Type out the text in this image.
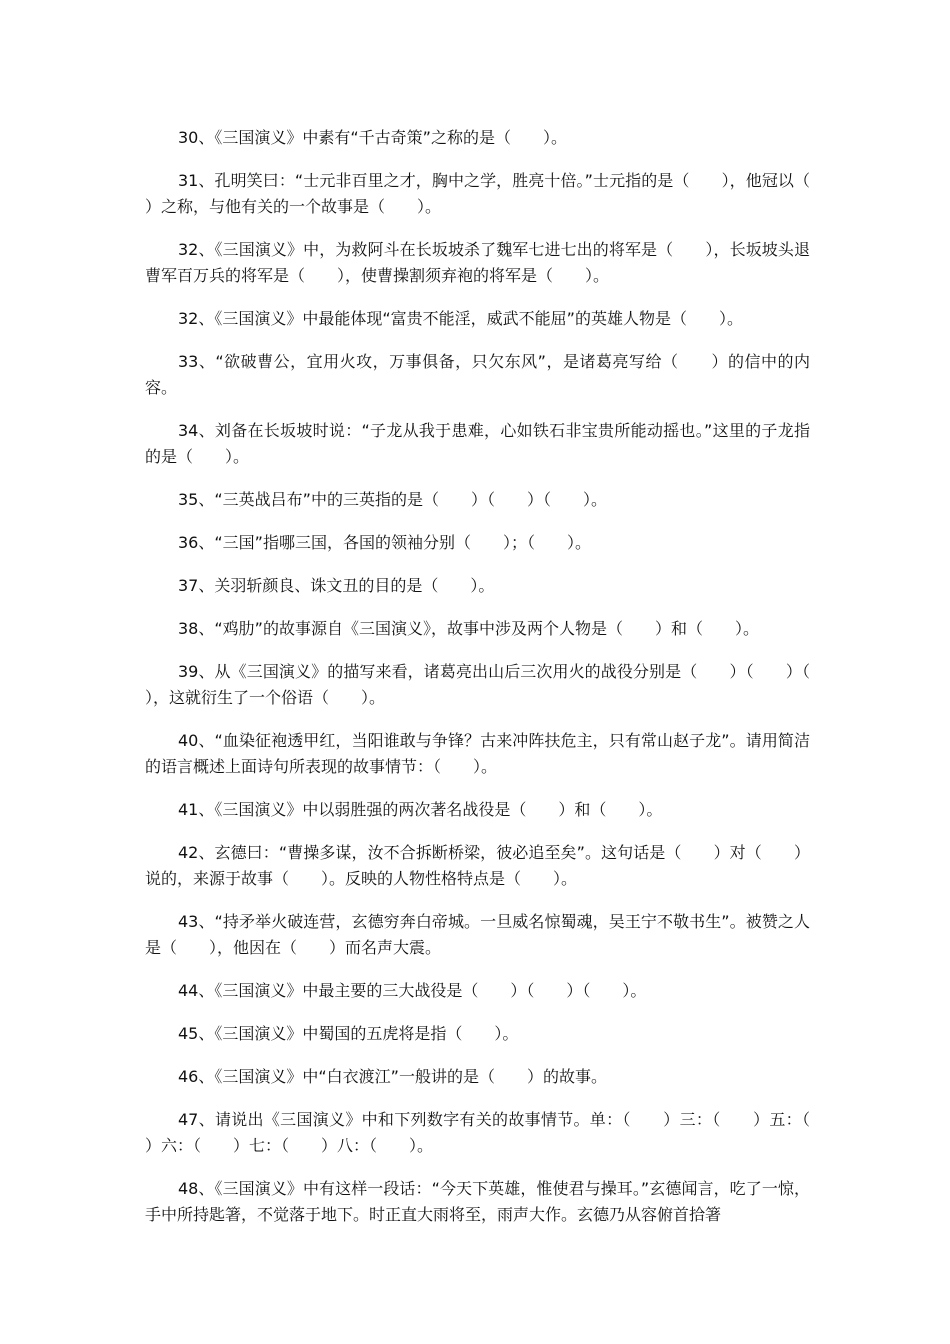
30、《三国演义》中素有“千古奇策”之称的是（　　）。

31、孔明笑曰：“士元非百里之才，胸中之学，胜亮十倍。”士元指的是（　　），他冠以（　　）之称，与他有关的一个故事是（　　）。

32、《三国演义》中，为救阿斗在长坂坡杀了魏军七进七出的将军是（　　），长坂坡头退曹军百万兵的将军是（　　），使曹操割须弃袍的将军是（　　）。

32、《三国演义》中最能体现“富贵不能淫，威武不能屈”的英雄人物是（　　）。

33、“欲破曹公，宜用火攻，万事俱备，只欠东风”，是诸葛亮写给（　　）的信中的内容。

34、刘备在长坂坡时说：“子龙从我于患难，心如铁石非宝贵所能动摇也。”这里的子龙指的是（　　）。

35、“三英战吕布”中的三英指的是（　　）（　　）（　　）。

36、“三国”指哪三国，各国的领袖分别（　　）；（　　）。

37、关羽斩颜良、诛文丑的目的是（　　）。

38、“鸡肋”的故事源自《三国演义》，故事中涉及两个人物是（　　）和（　　）。

39、从《三国演义》的描写来看，诸葛亮出山后三次用火的战役分别是（　　）（　　）（　　），这就衍生了一个俗语（　　）。

40、“血染征袍透甲红，当阳谁敢与争锋？古来冲阵扶危主，只有常山赵子龙”。请用简洁的语言概述上面诗句所表现的故事情节：（　　）。

41、《三国演义》中以弱胜强的两次著名战役是（　　）和（　　）。

42、玄德曰：“曹操多谋，汝不合拆断桥梁，彼必追至矣”。这句话是（　　）对（　　）说的，来源于故事（　　）。反映的人物性格特点是（　　）。

43、“持矛举火破连营，玄德穷奔白帝城。一旦威名惊蜀魂，吴王宁不敬书生”。被赞之人是（　　），他因在（　　）而名声大震。

44、《三国演义》中最主要的三大战役是（　　）（　　）（　　）。

45、《三国演义》中蜀国的五虎将是指（　　）。

46、《三国演义》中“白衣渡江”一般讲的是（　　）的故事。

47、请说出《三国演义》中和下列数字有关的故事情节。单：（　　）三：（　　）五：（　　）六：（　　）七：（　　）八：（　　）。

48、《三国演义》中有这样一段话：“今天下英雄，惟使君与操耳。”玄德闻言，吃了一惊，手中所持匙箸，不觉落于地下。时正直大雨将至，雨声大作。玄德乃从容俯首拾箸
